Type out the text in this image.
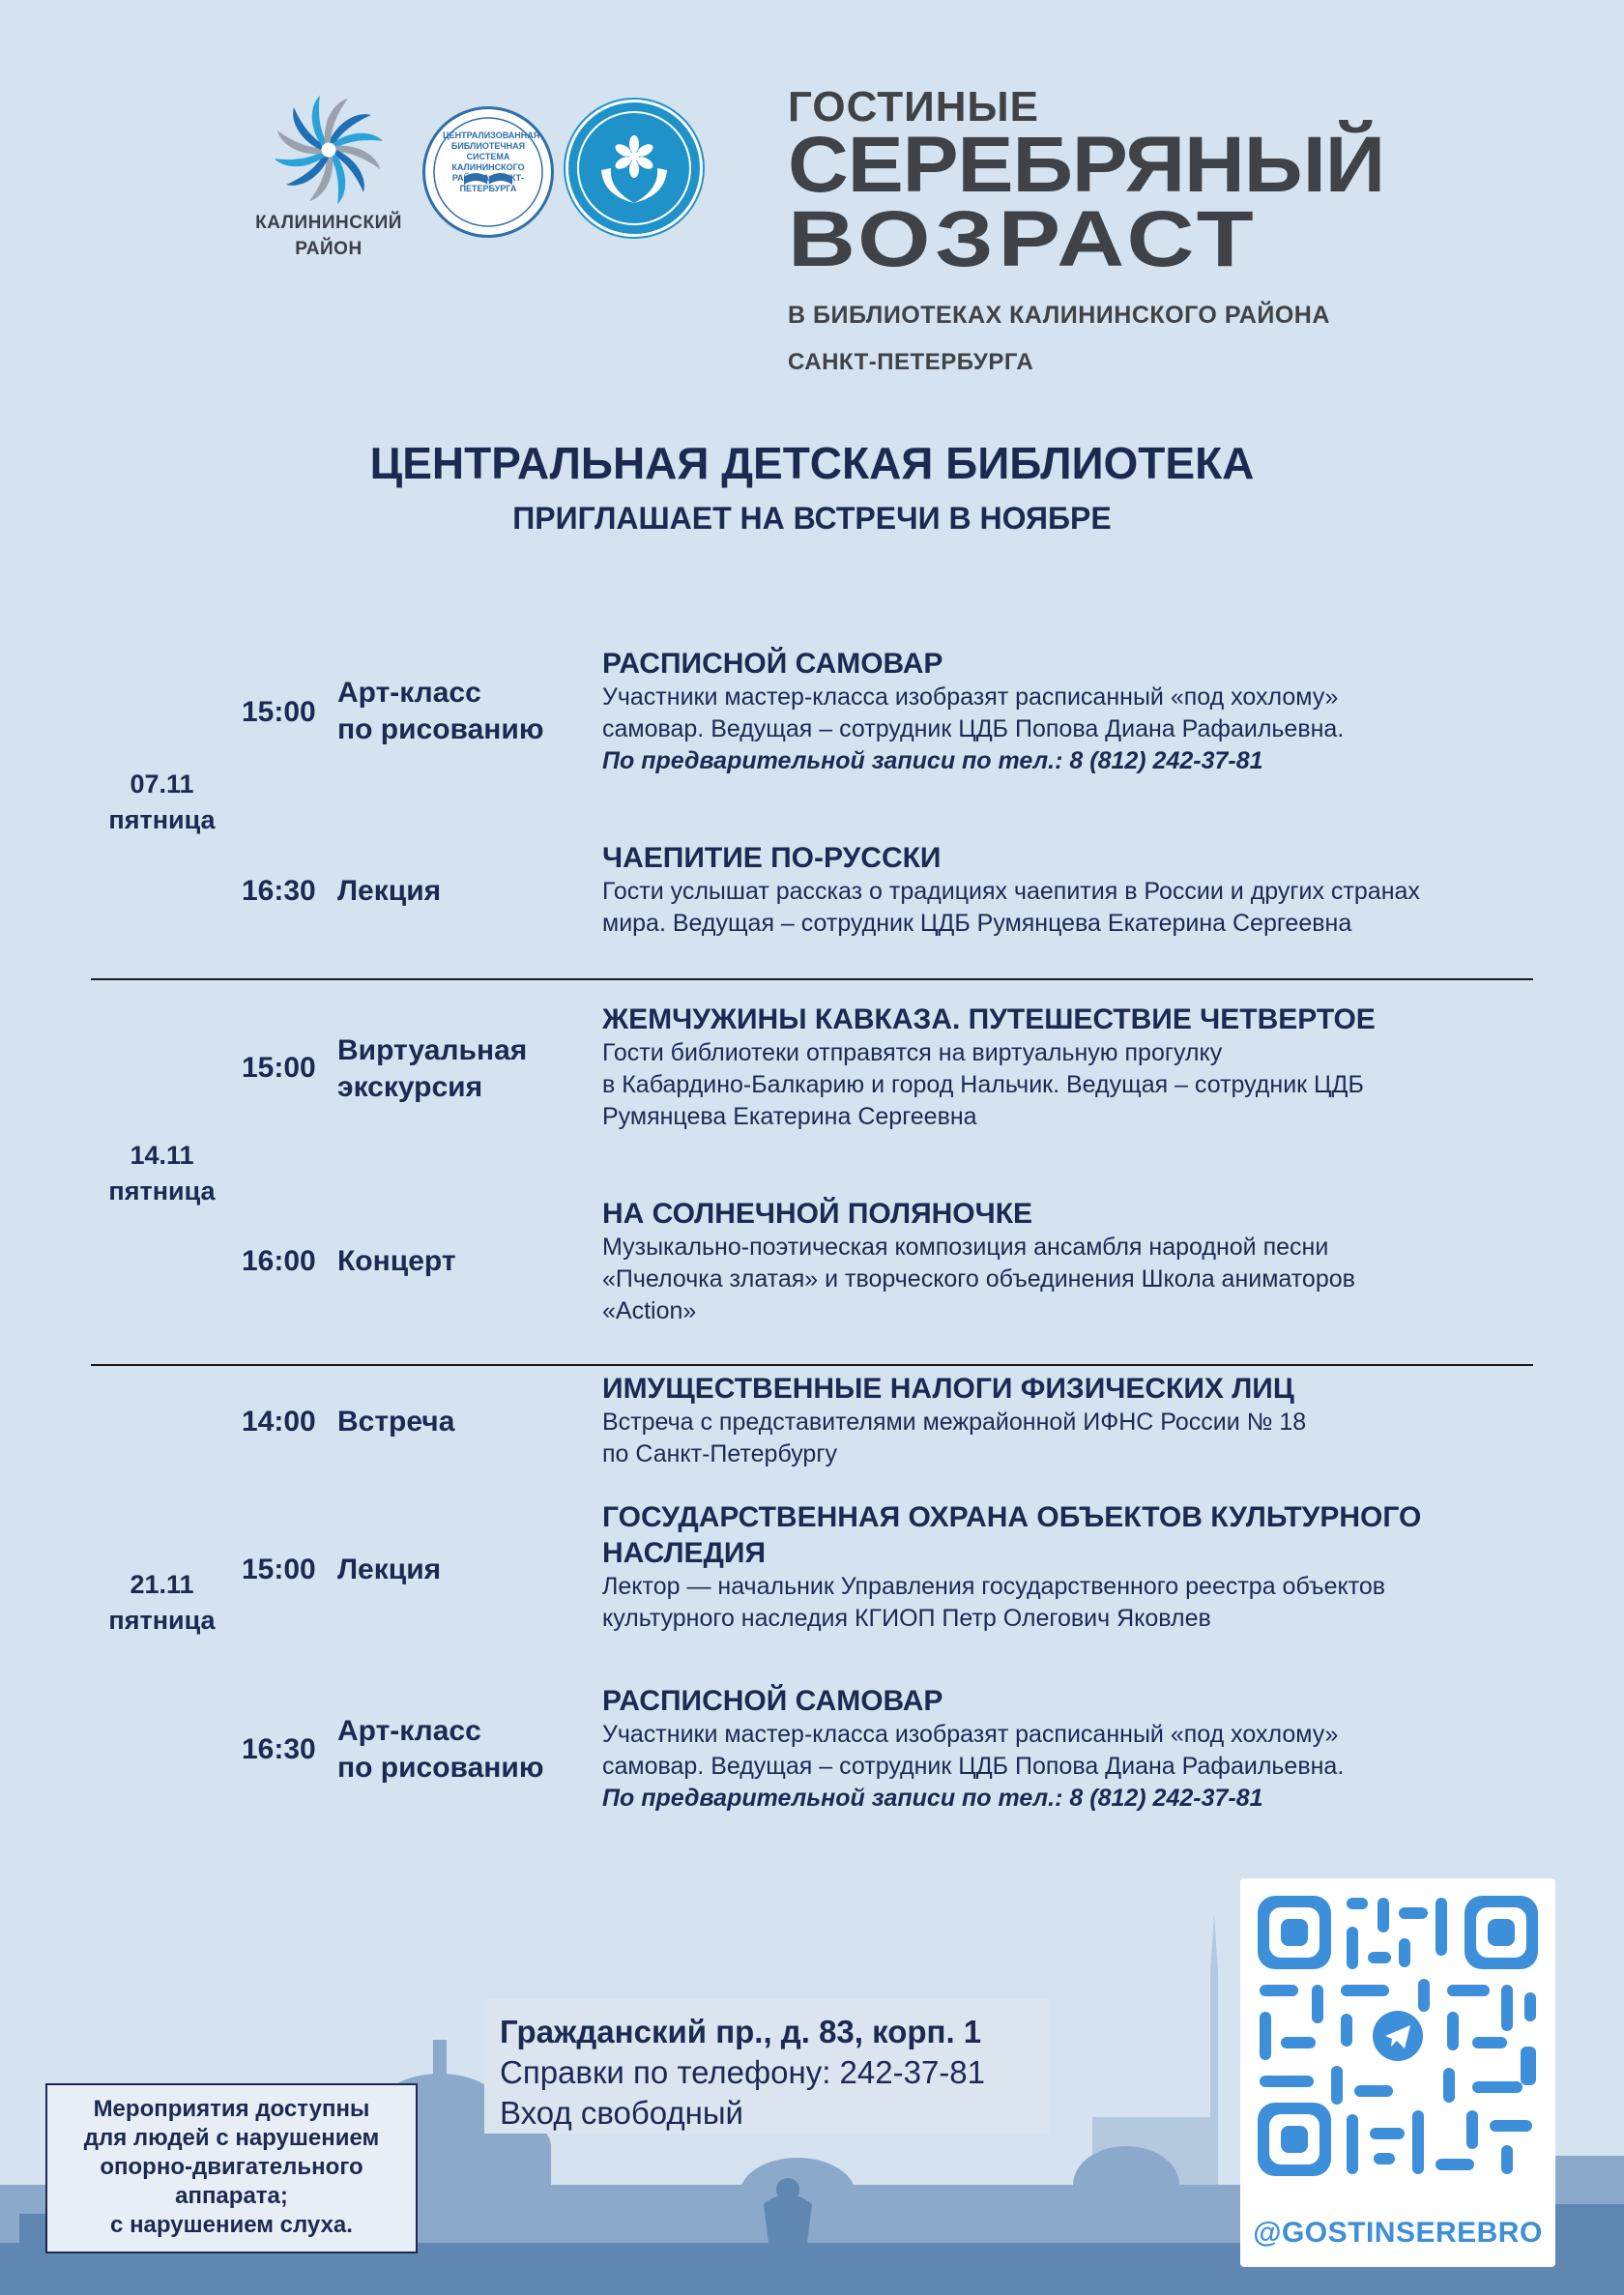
КАЛИНИНСКИЙ
РАЙОН
ЦЕНТРАЛИЗОВАННАЯ БИБЛИОТЕЧНАЯ СИСТЕМА КАЛИНИНСКОГО РАЙОНА САНКТ-ПЕТЕРБУРГА
ГОСТИНЫЕ
СЕРЕБРЯНЫЙ
ВОЗРАСТ
В БИБЛИОТЕКАХ КАЛИНИНСКОГО РАЙОНА
САНКТ-ПЕТЕРБУРГА
ЦЕНТРАЛЬНАЯ ДЕТСКАЯ БИБЛИОТЕКА
ПРИГЛАШАЕТ НА ВСТРЕЧИ В НОЯБРЕ
07.11
пятница
15:00
Арт-класс
по рисованию
РАСПИСНОЙ САМОВАР
Участники мастер-класса изобразят расписанный «под хохлому»
самовар. Ведущая – сотрудник ЦДБ Попова Диана Рафаильевна.
По предварительной записи по тел.: 8 (812) 242-37-81
16:30 Лекция
ЧАЕПИТИЕ ПО-РУССКИ
Гости услышат рассказ о традициях чаепития в России и других странах
мира. Ведущая – сотрудник ЦДБ Румянцева Екатерина Сергеевна
14.11
пятница
15:00
Виртуальная
экскурсия
ЖЕМЧУЖИНЫ КАВКАЗА. ПУТЕШЕСТВИЕ ЧЕТВЕРТОЕ
Гости библиотеки отправятся на виртуальную прогулку
в Кабардино-Балкарию и город Нальчик. Ведущая – сотрудник ЦДБ
Румянцева Екатерина Сергеевна
16:00 Концерт
НА СОЛНЕЧНОЙ ПОЛЯНОЧКЕ
Музыкально-поэтическая композиция ансамбля народной песни
«Пчелочка златая» и творческого объединения Школа аниматоров
«Action»
21.11
пятница
14:00 Встреча
ИМУЩЕСТВЕННЫЕ НАЛОГИ ФИЗИЧЕСКИХ ЛИЦ
Встреча с представителями межрайонной ИФНС России № 18
по Санкт-Петербургу
15:00 Лекция
ГОСУДАРСТВЕННАЯ ОХРАНА ОБЪЕКТОВ КУЛЬТУРНОГО
НАСЛЕДИЯ
Лектор — начальник Управления государственного реестра объектов
культурного наследия КГИОП Петр Олегович Яковлев
16:30
Арт-класс
по рисованию
РАСПИСНОЙ САМОВАР
Участники мастер-класса изобразят расписанный «под хохлому»
самовар. Ведущая – сотрудник ЦДБ Попова Диана Рафаильевна.
По предварительной записи по тел.: 8 (812) 242-37-81
Гражданский пр., д. 83, корп. 1
Справки по телефону: 242-37-81
Вход свободный
Мероприятия доступны
для людей с нарушением
опорно-двигательного
аппарата;
с нарушением слуха.	@GOSTINSEREBRO
